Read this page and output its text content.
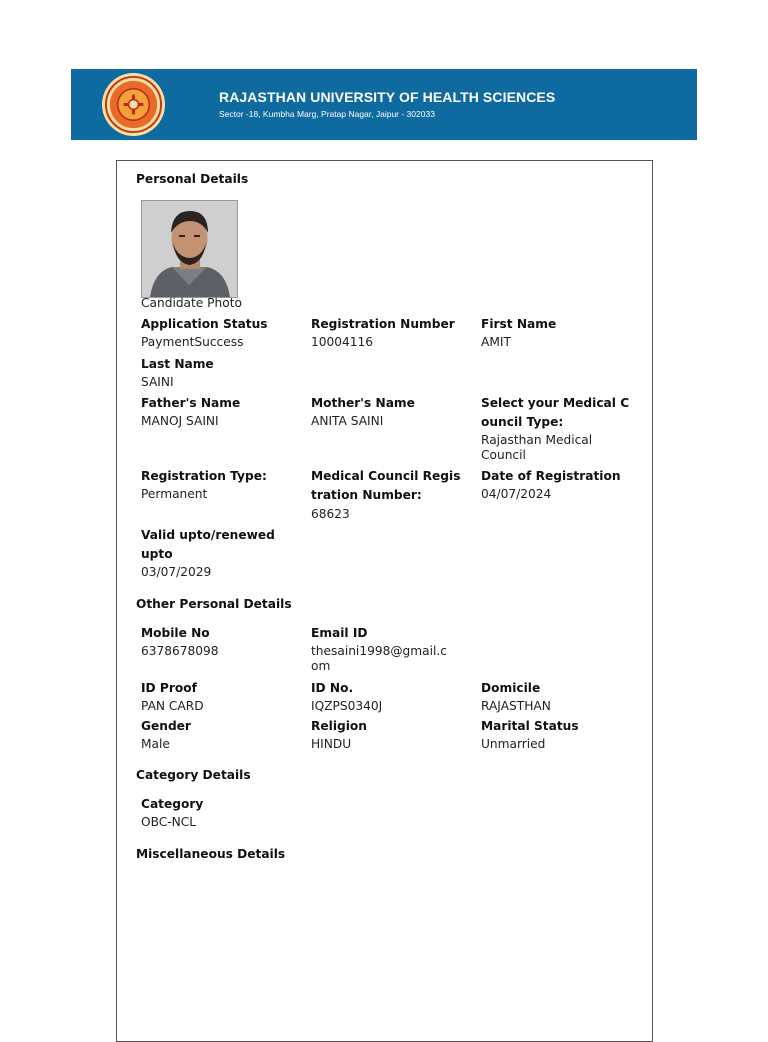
RAJASTHAN UNIVERSITY OF HEALTH SCIENCES
Sector -18, Kumbha Marg, Pratap Nagar, Jaipur - 302033
Personal Details
Candidate Photo
Application Status
PaymentSuccess
Registration Number
10004116
First Name
AMIT
Last Name
SAINI
Father's Name
MANOJ SAINI
Mother's Name
ANITA SAINI
Select your Medical C
ouncil Type:
Rajasthan Medical
Council
Registration Type:
Permanent
Medical Council Regis
tration Number:
68623
Date of Registration
04/07/2024
Valid upto/renewed
upto
03/07/2029
Other Personal Details
Mobile No
6378678098
Email ID
thesaini1998@gmail.c
om
ID Proof
PAN CARD
ID No.
IQZPS0340J
Domicile
RAJASTHAN
Gender
Male
Religion
HINDU
Marital Status
Unmarried
Category Details
Category
OBC-NCL
Miscellaneous Details
